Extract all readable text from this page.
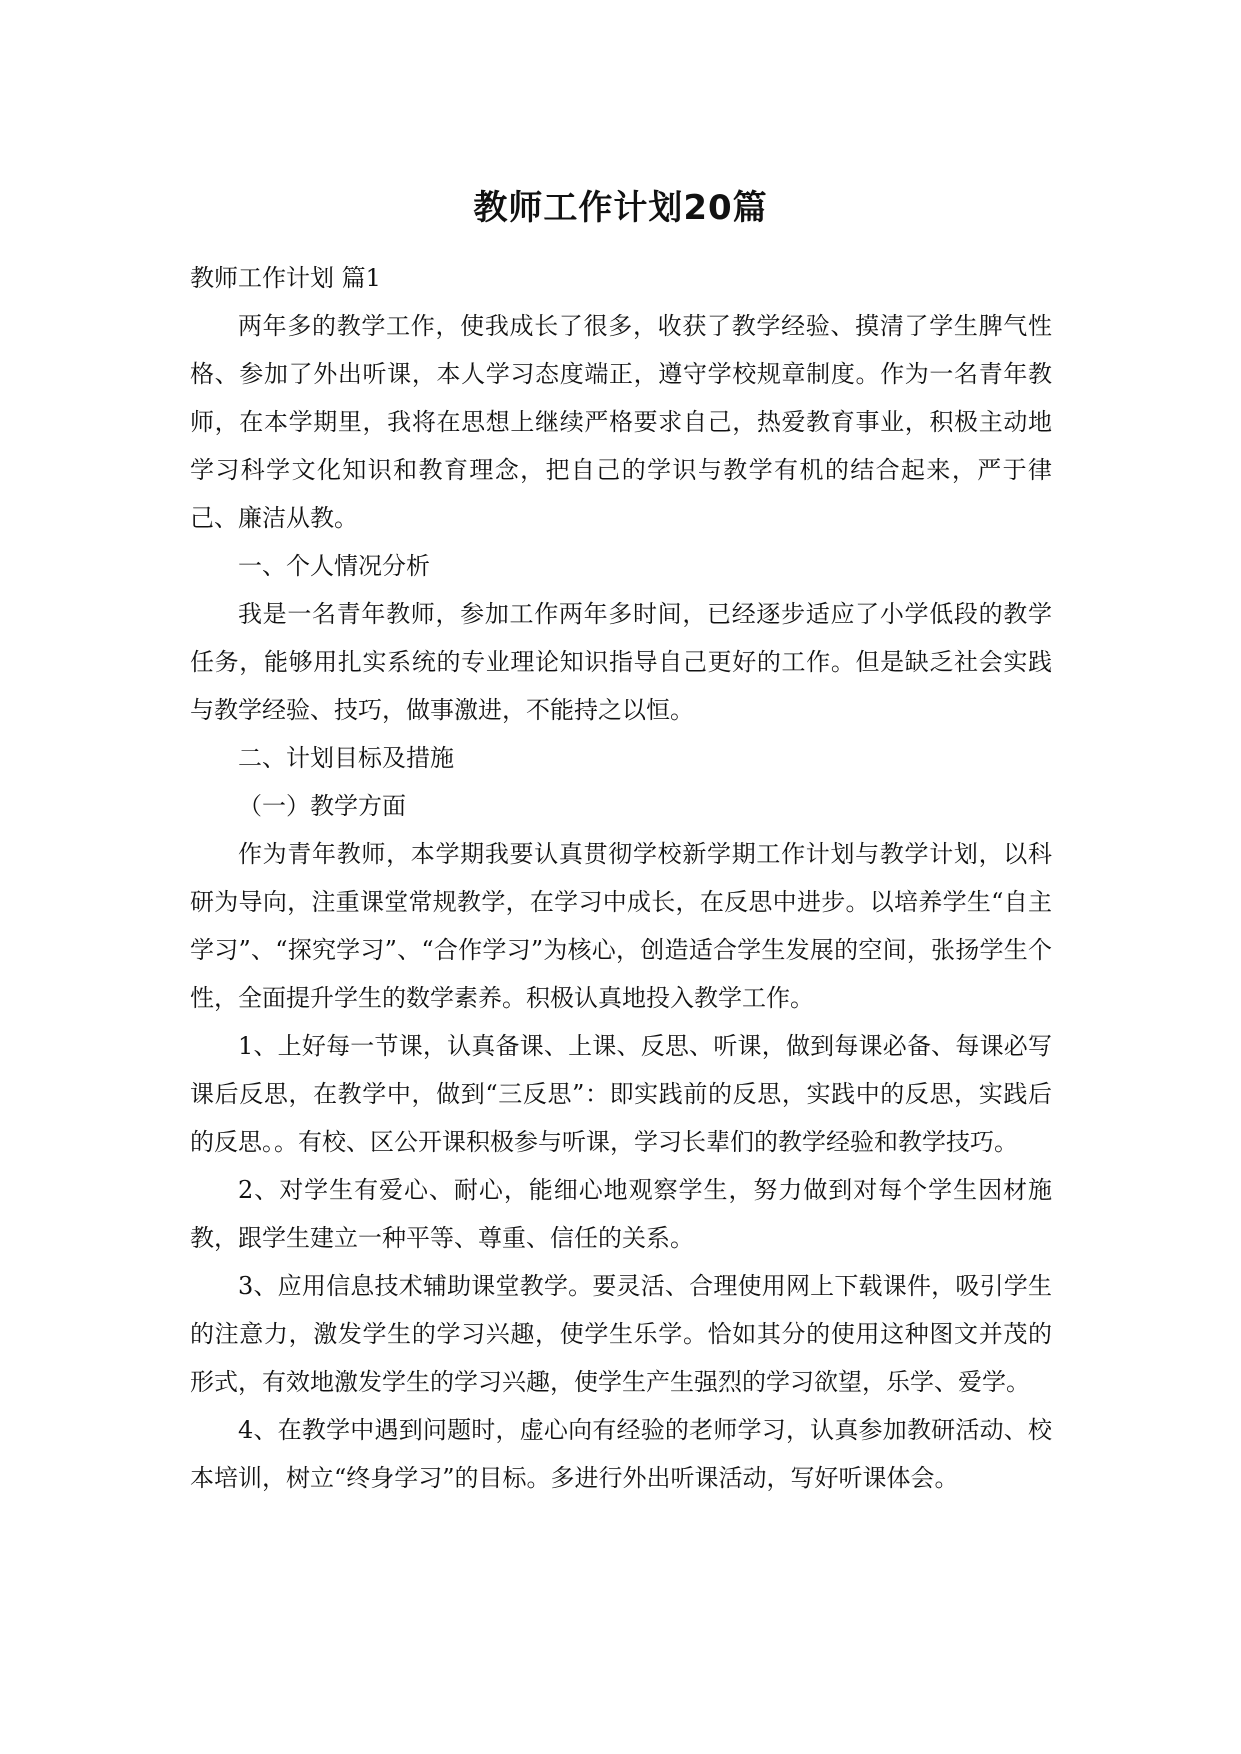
教师工作计划20篇

教师工作计划 篇1

两年多的教学工作，使我成长了很多，收获了教学经验、摸清了学生脾气性格、参加了外出听课，本人学习态度端正，遵守学校规章制度。作为一名青年教师，在本学期里，我将在思想上继续严格要求自己，热爱教育事业，积极主动地学习科学文化知识和教育理念，把自己的学识与教学有机的结合起来，严于律己、廉洁从教。

一、个人情况分析

我是一名青年教师，参加工作两年多时间，已经逐步适应了小学低段的教学任务，能够用扎实系统的专业理论知识指导自己更好的工作。但是缺乏社会实践与教学经验、技巧，做事激进，不能持之以恒。

二、计划目标及措施

（一）教学方面

作为青年教师，本学期我要认真贯彻学校新学期工作计划与教学计划，以科研为导向，注重课堂常规教学，在学习中成长，在反思中进步。以培养学生“自主学习”、“探究学习”、“合作学习”为核心，创造适合学生发展的空间，张扬学生个性，全面提升学生的数学素养。积极认真地投入教学工作。

1、上好每一节课，认真备课、上课、反思、听课，做到每课必备、每课必写课后反思，在教学中，做到“三反思”：即实践前的反思，实践中的反思，实践后的反思。。有校、区公开课积极参与听课，学习长辈们的教学经验和教学技巧。

2、对学生有爱心、耐心，能细心地观察学生，努力做到对每个学生因材施教，跟学生建立一种平等、尊重、信任的关系。

3、应用信息技术辅助课堂教学。要灵活、合理使用网上下载课件，吸引学生的注意力，激发学生的学习兴趣，使学生乐学。恰如其分的使用这种图文并茂的形式，有效地激发学生的学习兴趣，使学生产生强烈的学习欲望，乐学、爱学。

4、在教学中遇到问题时，虚心向有经验的老师学习，认真参加教研活动、校本培训，树立“终身学习”的目标。多进行外出听课活动，写好听课体会。
